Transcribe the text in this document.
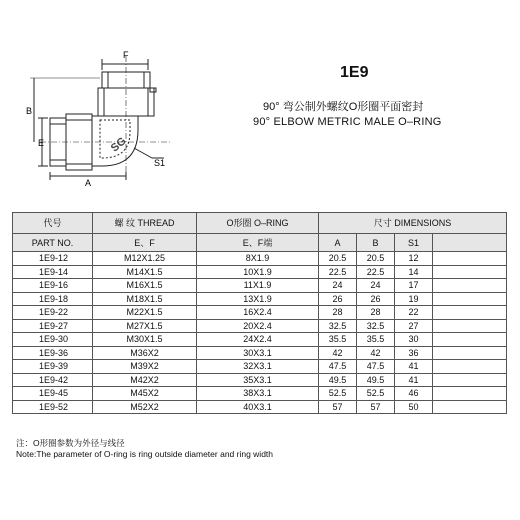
F
E
B
A
S1
SG
1E9
90° 弯公制外螺纹O形圈平面密封
90° ELBOW METRIC MALE O–RING
代号	螺 纹 THREAD	O形圈 O–RING	尺寸 DIMENSIONS			
PART NO.	E、F	E、F端	A	B	S1	
1E9-12	M12X1.25	8X1.9	20.5	20.5	12	
1E9-14	M14X1.5	10X1.9	22.5	22.5	14	
1E9-16	M16X1.5	11X1.9	24	24	17	
1E9-18	M18X1.5	13X1.9	26	26	19	
1E9-22	M22X1.5	16X2.4	28	28	22	
1E9-27	M27X1.5	20X2.4	32.5	32.5	27	
1E9-30	M30X1.5	24X2.4	35.5	35.5	30	
1E9-36	M36X2	30X3.1	42	42	36	
1E9-39	M39X2	32X3.1	47.5	47.5	41	
1E9-42	M42X2	35X3.1	49.5	49.5	41	
1E9-45	M45X2	38X3.1	52.5	52.5	46	
1E9-52	M52X2	40X3.1	57	57	50	
注：O形圈参数为外径与线径
Note:The parameter of O-ring is ring outside diameter and ring width
